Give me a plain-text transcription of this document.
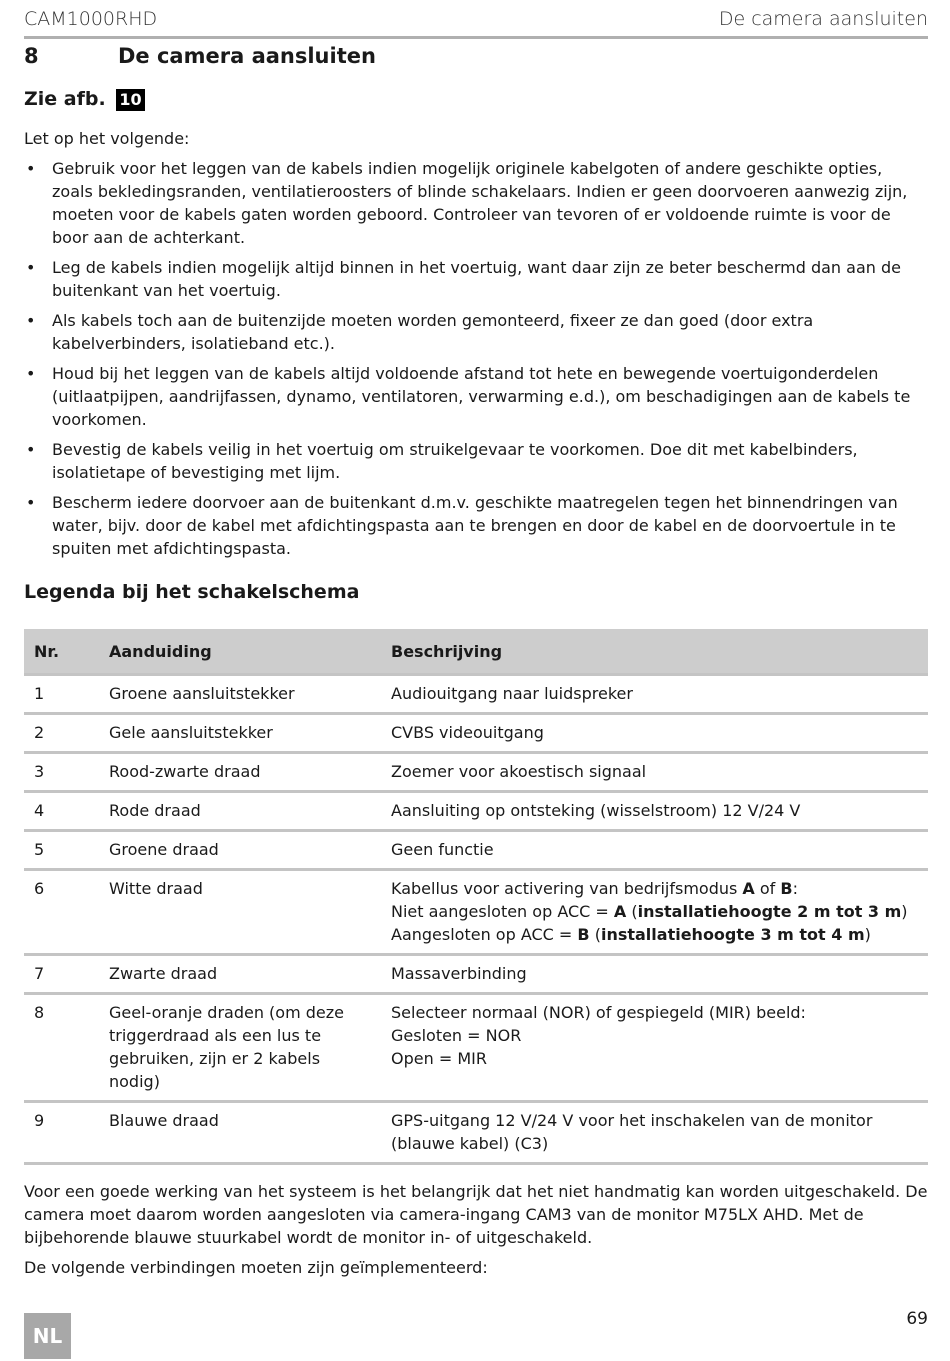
CAM1000RHD	De camera aansluiten
8	De camera aansluiten
Zie afb. 10
Let op het volgende:
• Gebruik voor het leggen van de kabels indien mogelijk originele kabelgoten of andere geschikte opties, zoals bekledingsranden, ventilatieroosters of blinde schakelaars. Indien er geen doorvoeren aanwezig zijn, moeten voor de kabels gaten worden geboord. Controleer van tevoren of er voldoende ruimte is voor de boor aan de achterkant.
• Leg de kabels indien mogelijk altijd binnen in het voertuig, want daar zijn ze beter beschermd dan aan de buitenkant van het voertuig.
• Als kabels toch aan de buitenzijde moeten worden gemonteerd, fixeer ze dan goed (door extra kabelverbinders, isolatieband etc.).
• Houd bij het leggen van de kabels altijd voldoende afstand tot hete en bewegende voertuigonderdelen (uitlaatpijpen, aandrijfassen, dynamo, ventilatoren, verwarming e.d.), om beschadigingen aan de kabels te voorkomen.
• Bevestig de kabels veilig in het voertuig om struikelgevaar te voorkomen. Doe dit met kabelbinders, isolatietape of bevestiging met lijm.
• Bescherm iedere doorvoer aan de buitenkant d.m.v. geschikte maatregelen tegen het binnendringen van water, bijv. door de kabel met afdichtingspasta aan te brengen en door de kabel en de doorvoertule in te spuiten met afdichtingspasta.
Legenda bij het schakelschema
Nr.	Aanduiding	Beschrijving
1	Groene aansluitstekker	Audiouitgang naar luidspreker
2	Gele aansluitstekker	CVBS videouitgang
3	Rood-zwarte draad	Zoemer voor akoestisch signaal
4	Rode draad	Aansluiting op ontsteking (wisselstroom) 12 V/24 V
5	Groene draad	Geen functie
6	Witte draad	Kabellus voor activering van bedrijfsmodus A of B:
Niet aangesloten op ACC = A (installatiehoogte 2 m tot 3 m)
Aangesloten op ACC = B (installatiehoogte 3 m tot 4 m)

7	Zwarte draad	Massaverbinding
8	Geel-oranje draden (om deze triggerdraad als een lus te gebruiken, zijn er 2 kabels nodig)	Selecteer normaal (NOR) of gespiegeld (MIR) beeld:
Gesloten = NOR
Open = MIR

9	Blauwe draad	GPS-uitgang 12 V/24 V voor het inschakelen van de monitor (blauwe kabel) (C3)
Voor een goede werking van het systeem is het belangrijk dat het niet handmatig kan worden uitgeschakeld. De camera moet daarom worden aangesloten via camera-ingang CAM3 van de monitor M75LX AHD. Met de bijbehorende blauwe stuurkabel wordt de monitor in- of uitgeschakeld.
De volgende verbindingen moeten zijn geïmplementeerd:
69
NL
